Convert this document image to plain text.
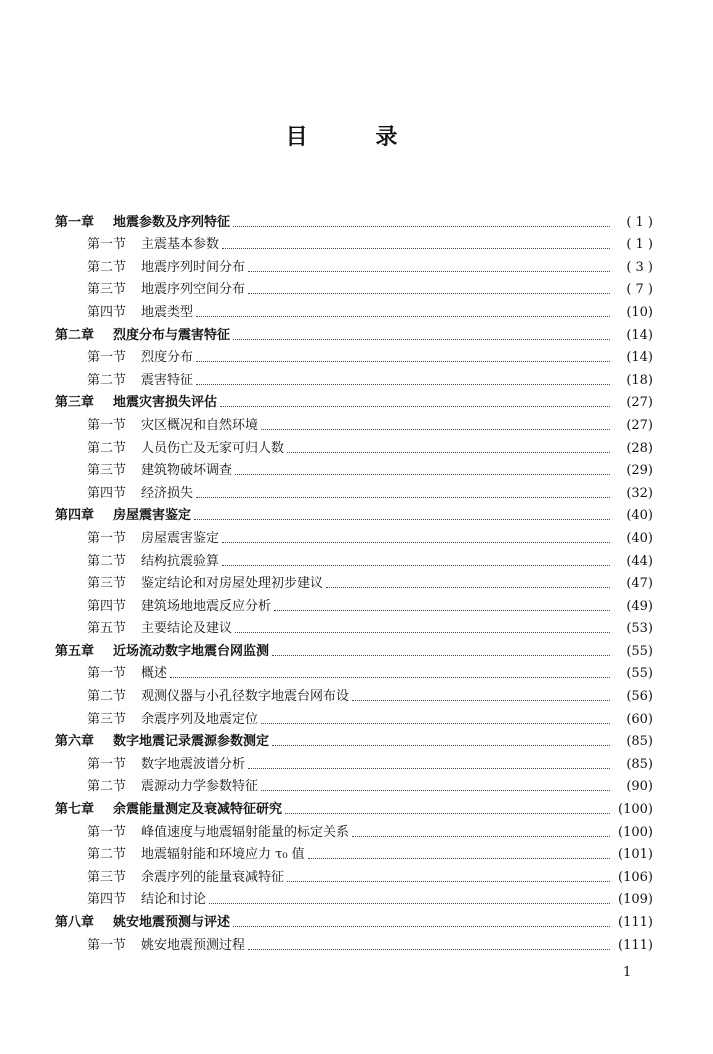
目 录
第一章	地震参数及序列特征	( 1 )
第一节	主震基本参数	( 1 )
第二节	地震序列时间分布	( 3 )
第三节	地震序列空间分布	( 7 )
第四节	地震类型	(10)
第二章	烈度分布与震害特征	(14)
第一节	烈度分布	(14)
第二节	震害特征	(18)
第三章	地震灾害损失评估	(27)
第一节	灾区概况和自然环境	(27)
第二节	人员伤亡及无家可归人数	(28)
第三节	建筑物破坏调查	(29)
第四节	经济损失	(32)
第四章	房屋震害鉴定	(40)
第一节	房屋震害鉴定	(40)
第二节	结构抗震验算	(44)
第三节	鉴定结论和对房屋处理初步建议	(47)
第四节	建筑场地地震反应分析	(49)
第五节	主要结论及建议	(53)
第五章	近场流动数字地震台网监测	(55)
第一节	概述	(55)
第二节	观测仪器与小孔径数字地震台网布设	(56)
第三节	余震序列及地震定位	(60)
第六章	数字地震记录震源参数测定	(85)
第一节	数字地震波谱分析	(85)
第二节	震源动力学参数特征	(90)
第七章	余震能量测定及衰减特征研究	(100)
第一节	峰值速度与地震辐射能量的标定关系	(100)
第二节	地震辐射能和环境应力 τ₀ 值	(101)
第三节	余震序列的能量衰减特征	(106)
第四节	结论和讨论	(109)
第八章	姚安地震预测与评述	(111)
第一节	姚安地震预测过程	(111)
1
